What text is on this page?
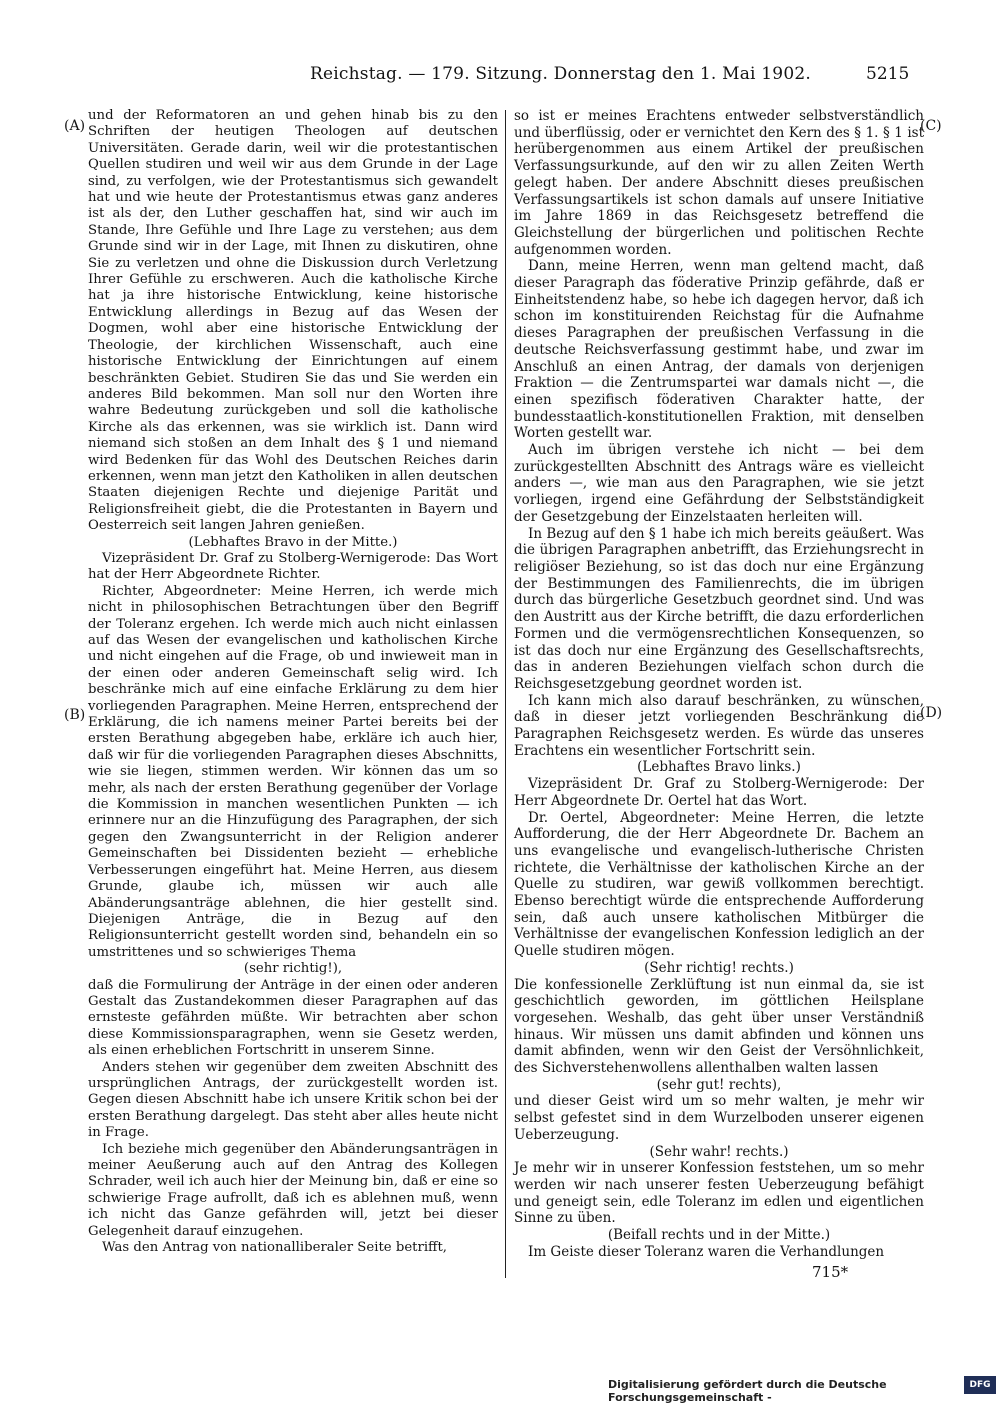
Reichstag. — 179. Sitzung. Donnerstag den 1. Mai 1902.	5215
(A)
(B)
(C)
(D)

und der Reformatoren an und gehen hinab bis zu den Schriften der heutigen Theologen auf deutschen Universitäten. Gerade darin, weil wir die protestantischen Quellen studiren und weil wir aus dem Grunde in der Lage sind, zu verfolgen, wie der Protestantismus sich gewandelt hat und wie heute der Protestantismus etwas ganz anderes ist als der, den Luther geschaffen hat, sind wir auch im Stande, Ihre Gefühle und Ihre Lage zu verstehen; aus dem Grunde sind wir in der Lage, mit Ihnen zu diskutiren, ohne Sie zu verletzen und ohne die Diskussion durch Verletzung Ihrer Gefühle zu erschweren. Auch die katholische Kirche hat ja ihre historische Entwicklung, keine historische Entwicklung allerdings in Bezug auf das Wesen der Dogmen, wohl aber eine historische Entwicklung der Theologie, der kirchlichen Wissenschaft, auch eine historische Entwicklung der Einrichtungen auf einem beschränkten Gebiet. Studiren Sie das und Sie werden ein anderes Bild bekommen. Man soll nur den Worten ihre wahre Bedeutung zurückgeben und soll die katholische Kirche als das erkennen, was sie wirklich ist. Dann wird niemand sich stoßen an dem Inhalt des § 1 und niemand wird Bedenken für das Wohl des Deutschen Reiches darin erkennen, wenn man jetzt den Katholiken in allen deutschen Staaten diejenigen Rechte und diejenige Parität und Religionsfreiheit giebt, die die Protestanten in Bayern und Oesterreich seit langen Jahren genießen.

(Lebhaftes Bravo in der Mitte.)

Vizepräsident Dr. Graf zu Stolberg-Wernigerode: Das Wort hat der Herr Abgeordnete Richter.

Richter, Abgeordneter: Meine Herren, ich werde mich nicht in philosophischen Betrachtungen über den Begriff der Toleranz ergehen. Ich werde mich auch nicht einlassen auf das Wesen der evangelischen und katholischen Kirche und nicht eingehen auf die Frage, ob und inwieweit man in der einen oder anderen Gemeinschaft selig wird. Ich beschränke mich auf eine einfache Erklärung zu dem hier vorliegenden Paragraphen. Meine Herren, entsprechend der Erklärung, die ich namens meiner Partei bereits bei der ersten Berathung abgegeben habe, erkläre ich auch hier, daß wir für die vorliegenden Paragraphen dieses Abschnitts, wie sie liegen, stimmen werden. Wir können das um so mehr, als nach der ersten Berathung gegenüber der Vorlage die Kommission in manchen wesentlichen Punkten — ich erinnere nur an die Hinzufügung des Paragraphen, der sich gegen den Zwangsunterricht in der Religion anderer Gemeinschaften bei Dissidenten bezieht — erhebliche Verbesserungen eingeführt hat. Meine Herren, aus diesem Grunde, glaube ich, müssen wir auch alle Abänderungsanträge ablehnen, die hier gestellt sind. Diejenigen Anträge, die in Bezug auf den Religionsunterricht gestellt worden sind, behandeln ein so umstrittenes und so schwieriges Thema

(sehr richtig!),

daß die Formulirung der Anträge in der einen oder anderen Gestalt das Zustandekommen dieser Paragraphen auf das ernsteste gefährden müßte. Wir betrachten aber schon diese Kommissionsparagraphen, wenn sie Gesetz werden, als einen erheblichen Fortschritt in unserem Sinne.

Anders stehen wir gegenüber dem zweiten Abschnitt des ursprünglichen Antrags, der zurückgestellt worden ist. Gegen diesen Abschnitt habe ich unsere Kritik schon bei der ersten Berathung dargelegt. Das steht aber alles heute nicht in Frage.

Ich beziehe mich gegenüber den Abänderungsanträgen in meiner Aeußerung auch auf den Antrag des Kollegen Schrader, weil ich auch hier der Meinung bin, daß er eine so schwierige Frage aufrollt, daß ich es ablehnen muß, wenn ich nicht das Ganze gefährden will, jetzt bei dieser Gelegenheit darauf einzugehen.

Was den Antrag von nationalliberaler Seite betrifft,

so ist er meines Erachtens entweder selbstverständlich und überflüssig, oder er vernichtet den Kern des § 1. § 1 ist herübergenommen aus einem Artikel der preußischen Verfassungsurkunde, auf den wir zu allen Zeiten Werth gelegt haben. Der andere Abschnitt dieses preußischen Verfassungsartikels ist schon damals auf unsere Initiative im Jahre 1869 in das Reichsgesetz betreffend die Gleichstellung der bürgerlichen und politischen Rechte aufgenommen worden.

Dann, meine Herren, wenn man geltend macht, daß dieser Paragraph das föderative Prinzip gefährde, daß er Einheitstendenz habe, so hebe ich dagegen hervor, daß ich schon im konstituirenden Reichstag für die Aufnahme dieses Paragraphen der preußischen Verfassung in die deutsche Reichsverfassung gestimmt habe, und zwar im Anschluß an einen Antrag, der damals von derjenigen Fraktion — die Zentrumspartei war damals nicht —, die einen spezifisch föderativen Charakter hatte, der bundesstaatlich-konstitutionellen Fraktion, mit denselben Worten gestellt war.

Auch im übrigen verstehe ich nicht — bei dem zurückgestellten Abschnitt des Antrags wäre es vielleicht anders —, wie man aus den Paragraphen, wie sie jetzt vorliegen, irgend eine Gefährdung der Selbstständigkeit der Gesetzgebung der Einzelstaaten herleiten will.

In Bezug auf den § 1 habe ich mich bereits geäußert. Was die übrigen Paragraphen anbetrifft, das Erziehungsrecht in religiöser Beziehung, so ist das doch nur eine Ergänzung der Bestimmungen des Familienrechts, die im übrigen durch das bürgerliche Gesetzbuch geordnet sind. Und was den Austritt aus der Kirche betrifft, die dazu erforderlichen Formen und die vermögensrechtlichen Konsequenzen, so ist das doch nur eine Ergänzung des Gesellschaftsrechts, das in anderen Beziehungen vielfach schon durch die Reichsgesetzgebung geordnet worden ist.

Ich kann mich also darauf beschränken, zu wünschen, daß in dieser jetzt vorliegenden Beschränkung die Paragraphen Reichsgesetz werden. Es würde das unseres Erachtens ein wesentlicher Fortschritt sein.

(Lebhaftes Bravo links.)

Vizepräsident Dr. Graf zu Stolberg-Wernigerode: Der Herr Abgeordnete Dr. Oertel hat das Wort.

Dr. Oertel, Abgeordneter: Meine Herren, die letzte Aufforderung, die der Herr Abgeordnete Dr. Bachem an uns evangelische und evangelisch-lutherische Christen richtete, die Verhältnisse der katholischen Kirche an der Quelle zu studiren, war gewiß vollkommen berechtigt. Ebenso berechtigt würde die entsprechende Aufforderung sein, daß auch unsere katholischen Mitbürger die Verhältnisse der evangelischen Konfession lediglich an der Quelle studiren mögen.

(Sehr richtig! rechts.)

Die konfessionelle Zerklüftung ist nun einmal da, sie ist geschichtlich geworden, im göttlichen Heilsplane vorgesehen. Weshalb, das geht über unser Verständniß hinaus. Wir müssen uns damit abfinden und können uns damit abfinden, wenn wir den Geist der Versöhnlichkeit, des Sichverstehenwollens allenthalben walten lassen

(sehr gut! rechts),

und dieser Geist wird um so mehr walten, je mehr wir selbst gefestet sind in dem Wurzelboden unserer eigenen Ueberzeugung.

(Sehr wahr! rechts.)

Je mehr wir in unserer Konfession feststehen, um so mehr werden wir nach unserer festen Ueberzeugung befähigt und geneigt sein, edle Toleranz im edlen und eigentlichen Sinne zu üben.

(Beifall rechts und in der Mitte.)

Im Geiste dieser Toleranz waren die Verhandlungen

715*
Digitalisierung gefördert durch die Deutsche Forschungsgemeinschaft -
DFG
